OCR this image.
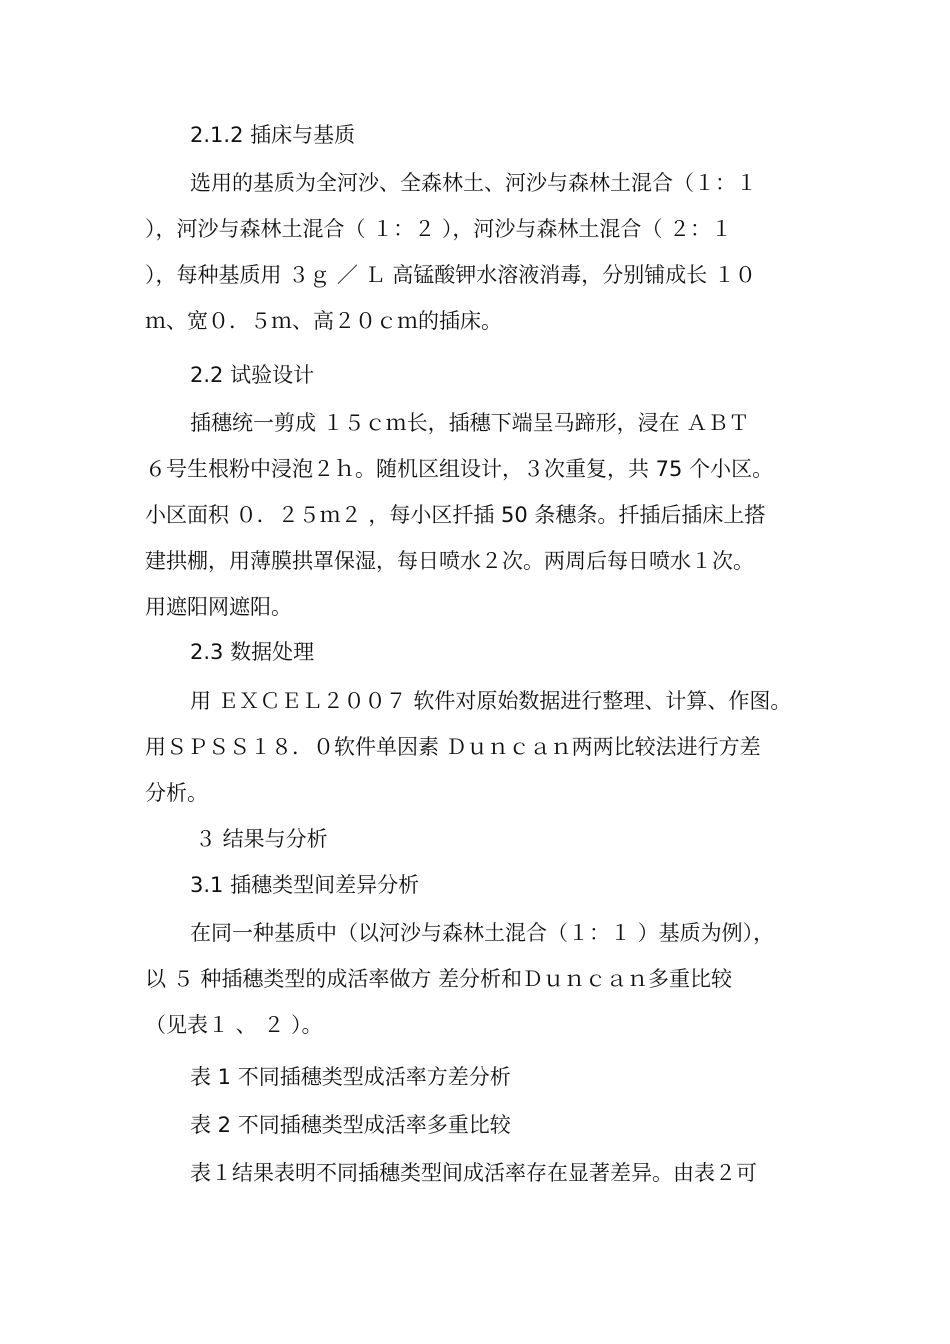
2.1.2 插床与基质
选用的基质为全河沙、全森林土、河沙与森林土混合（１：１
），河沙与森林土混合（ １：２ ），河沙与森林土混合（ ２：１
），每种基质用 ３ｇ ／ Ｌ 高锰酸钾水溶液消毒，分别铺成长 １０
ｍ、宽０．５ｍ、高２０ｃｍ的插床。
2.2 试验设计
插穗统一剪成 １５ｃｍ长，插穗下端呈马蹄形，浸在 ＡＢＴ
６号生根粉中浸泡２ｈ。随机区组设计，３次重复，共 75 个小区。
小区面积 ０．２５ｍ２ ，每小区扦插 50 条穗条。扦插后插床上搭
建拱棚，用薄膜拱罩保湿，每日喷水２次。两周后每日喷水１次。
用遮阳网遮阳。
2.3 数据处理
用 ＥＸＣＥＬ２００７ 软件对原始数据进行整理、计算、作图。
用ＳＰＳＳ１８．０软件单因素 Ｄｕｎｃａｎ两两比较法进行方差
分析。
３ 结果与分析
3.1 插穗类型间差异分析
在同一种基质中（以河沙与森林土混合（１：１ ）基质为例），
以 ５ 种插穗类型的成活率做方 差分析和Ｄｕｎｃａｎ多重比较
（见表１ 、 ２ ）。
表 1 不同插穗类型成活率方差分析
表 2 不同插穗类型成活率多重比较
表１结果表明不同插穗类型间成活率存在显著差异。由表２可
